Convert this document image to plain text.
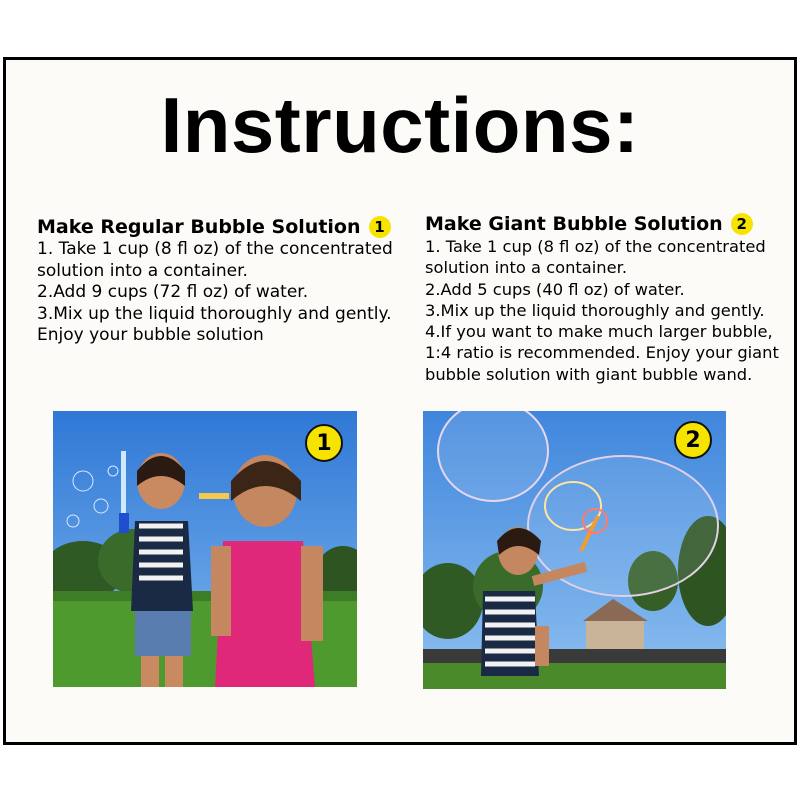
Instructions:
Make Regular Bubble Solution 1
1. Take 1 cup (8 fl oz) of the concentrated solution into a container.
2.Add 9 cups (72 fl oz) of water.
3.Mix up the liquid thoroughly and gently. Enjoy your bubble solution
Make Giant Bubble Solution 2
1. Take 1 cup (8 fl oz) of the concentrated solution into a container.
2.Add 5 cups (40 fl oz) of water.
3.Mix up the liquid thoroughly and gently.
4.If you want to make much larger bubble, 1:4 ratio is recommended. Enjoy your giant bubble solution with giant bubble wand.
1	2
